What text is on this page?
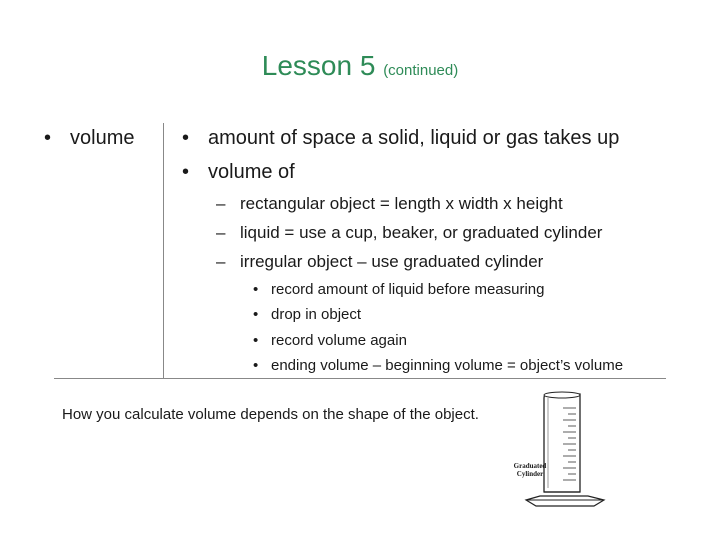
Lesson 5 (continued)
• volume • amount of space a solid, liquid or gas takes up
• volume of
– rectangular object = length x width x height
– liquid = use a cup, beaker, or graduated cylinder
– irregular object – use graduated cylinder
• record amount of liquid before measuring
• drop in object
• record volume again
• ending volume – beginning volume = object’s volume
How you calculate volume depends on the shape of the object.
Graduated
Cylinder
